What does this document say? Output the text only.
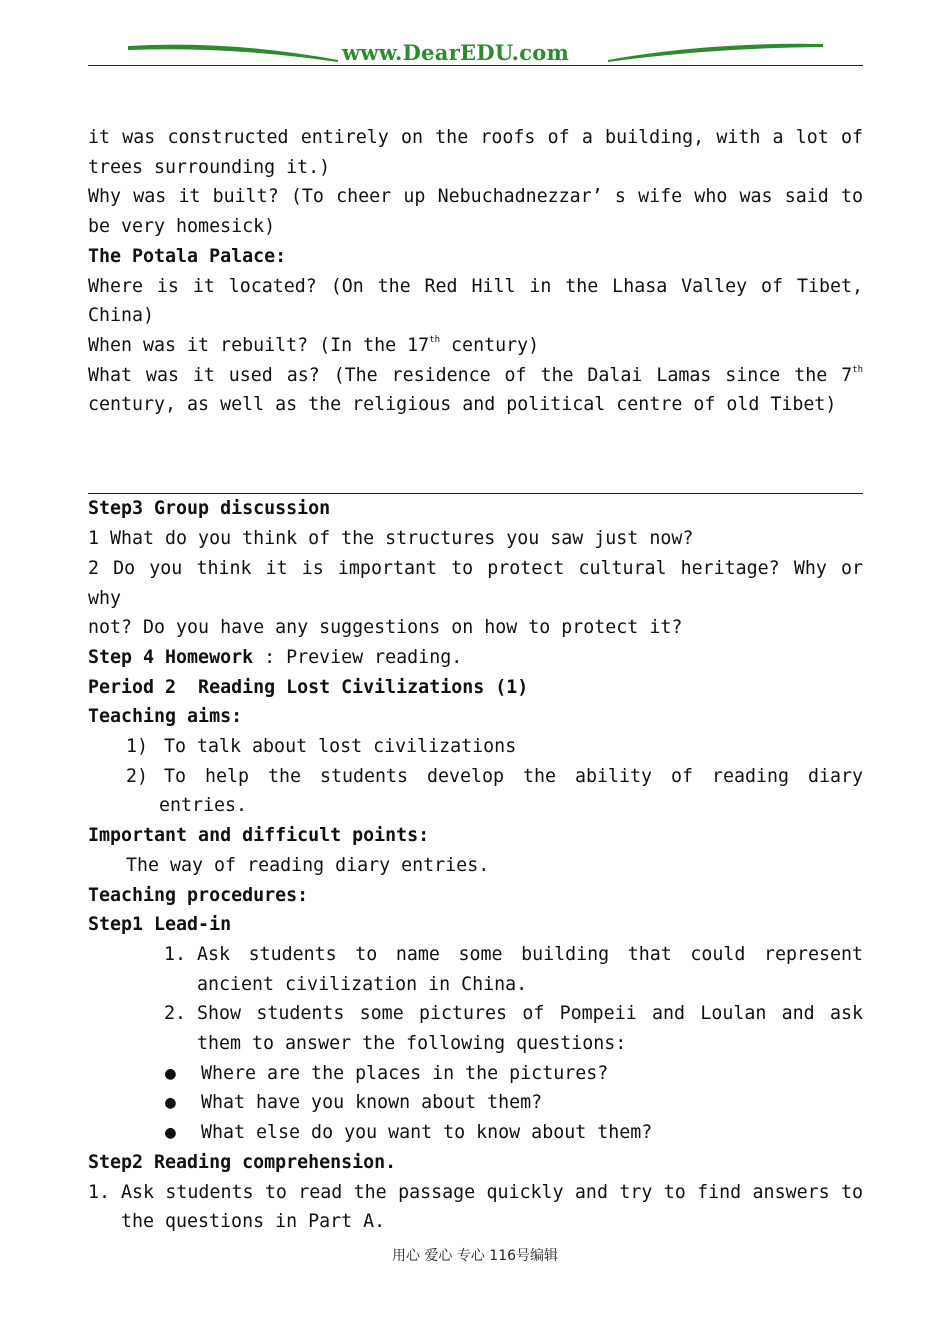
www.DearEDU.com
it was constructed entirely on the roofs of a building, with a lot of
trees surrounding it.)
Why was it built? (To cheer up Nebuchadnezzar’ s wife who was said to
be very homesick)
The Potala Palace:
Where is it located? (On the Red Hill in the Lhasa Valley of Tibet,
China)
When was it rebuilt? (In the 17th century)
What was it used as? (The residence of the Dalai Lamas since the 7th
century, as well as the religious and political centre of old Tibet)
Step3 Group discussion
1 What do you think of the structures you saw just now?
2 Do you think it is important to protect cultural heritage? Why or why
not? Do you have any suggestions on how to protect it?
Step 4 Homework : Preview reading.
Period 2  Reading Lost Civilizations (1)
Teaching aims:
1) To talk about lost civilizations
2) To help the students develop the ability of reading diary
entries.
Important and difficult points:
The way of reading diary entries.
Teaching procedures:
Step1 Lead-in
1. Ask students to name some building that could represent
ancient civilization in China.
2. Show students some pictures of Pompeii and Loulan and ask
them to answer the following questions:
● Where are the places in the pictures?
● What have you known about them?
● What else do you want to know about them?
Step2 Reading comprehension.
1. Ask students to read the passage quickly and try to find answers to
the questions in Part A.
用心 爱心 专心 116号编辑
